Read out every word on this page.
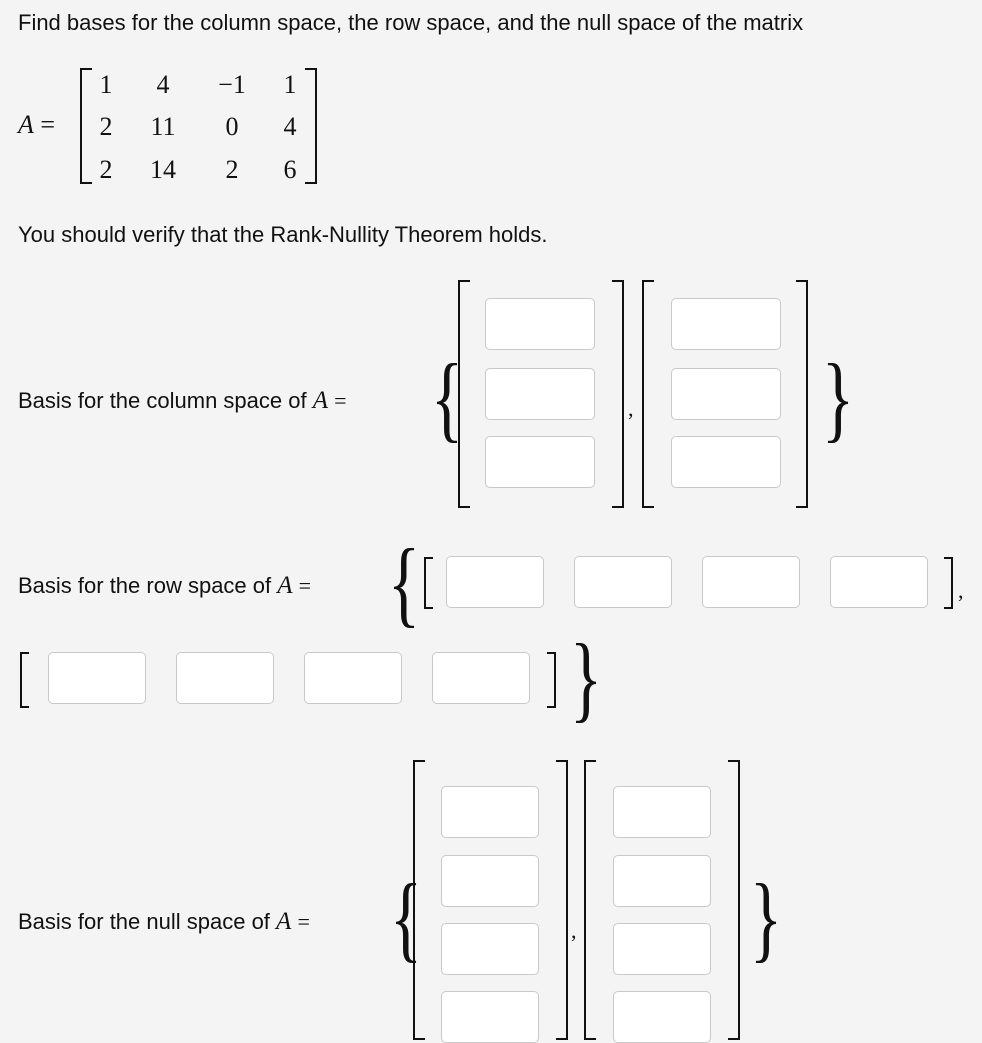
Find bases for the column space, the row space, and the null space of the matrix
A =
1	4	−1	1
2	11	0	4
2	14	2	6
You should verify that the Rank-Nullity Theorem holds.
Basis for the column space of A = {	, }
Basis for the row space of A = {	,
}
Basis for the null space of A = {	, }
